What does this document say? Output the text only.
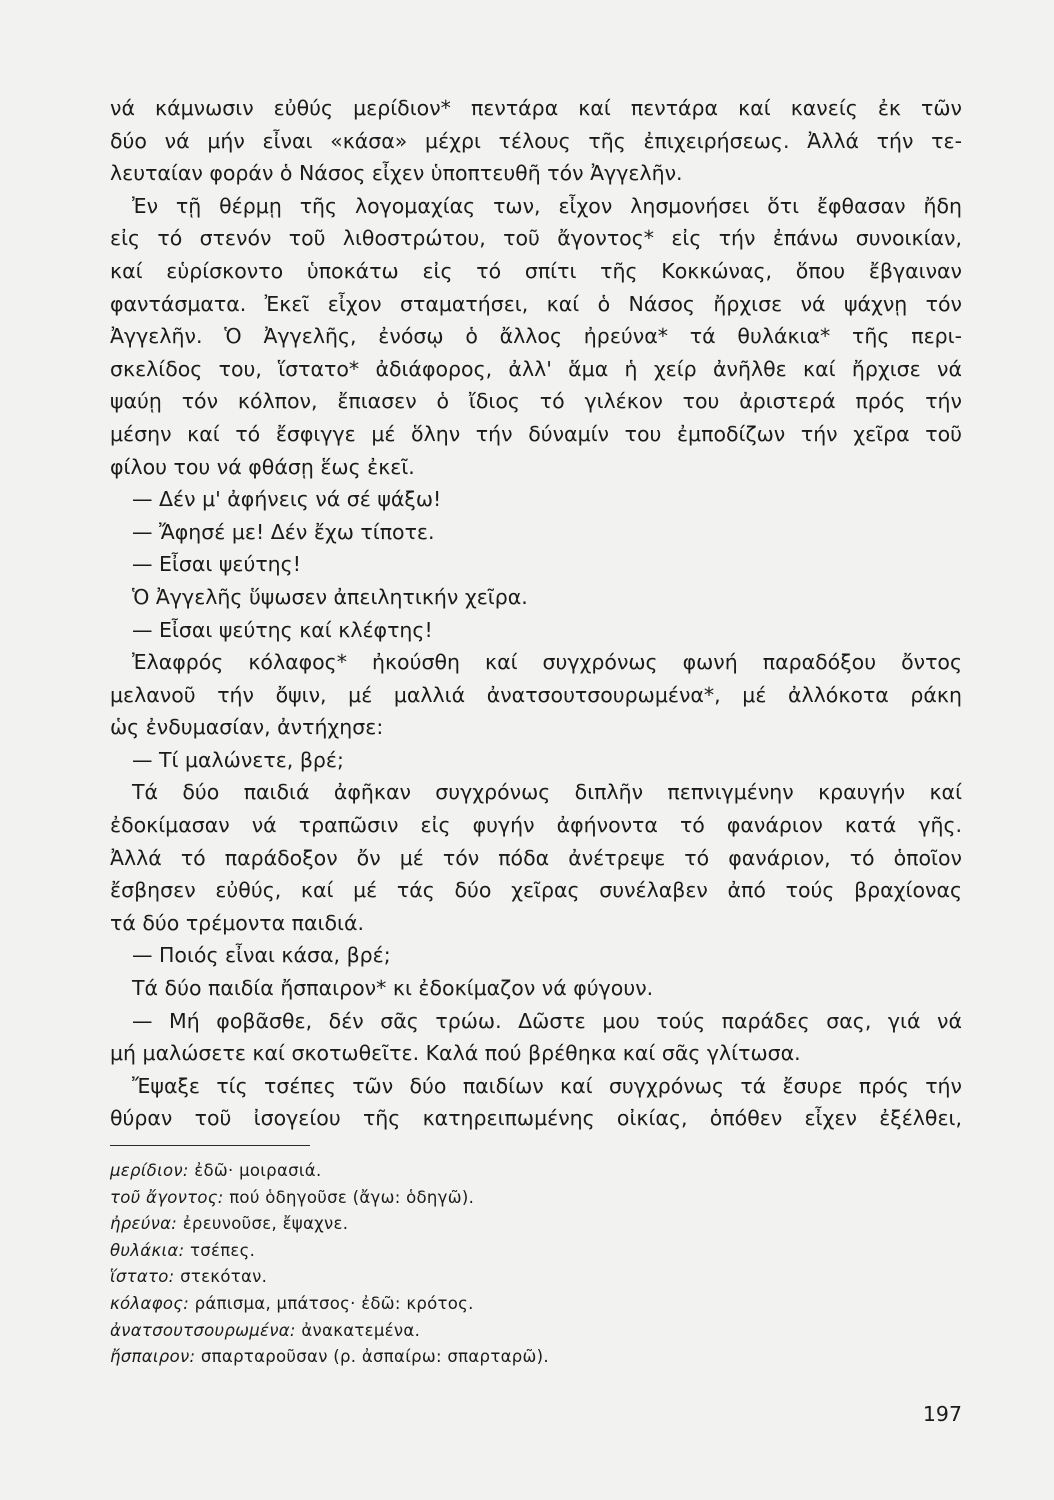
νά κάμνωσιν εὐθύς μερίδιον* πεντάρα καί πεντάρα καί κανείς ἐκ τῶν
δύο νά μήν εἶναι «κάσα» μέχρι τέλους τῆς ἐπιχειρήσεως. Ἀλλά τήν τε-
λευταίαν φοράν ὁ Νάσος εἶχεν ὑποπτευθῆ τόν Ἀγγελῆν.
Ἐν τῇ θέρμῃ τῆς λογομαχίας των, εἶχον λησμονήσει ὅτι ἔφθασαν ἤδη
εἰς τό στενόν τοῦ λιθοστρώτου, τοῦ ἄγοντος* εἰς τήν ἐπάνω συνοικίαν,
καί εὑρίσκοντο ὑποκάτω εἰς τό σπίτι τῆς Κοκκώνας, ὅπου ἔβγαιναν
φαντάσματα. Ἐκεῖ εἶχον σταματήσει, καί ὁ Νάσος ἤρχισε νά ψάχνῃ τόν
Ἀγγελῆν. Ὁ Ἀγγελῆς, ἐνόσῳ ὁ ἄλλος ἠρεύνα* τά θυλάκια* τῆς περι-
σκελίδος του, ἵστατο* ἀδιάφορος, ἀλλ' ἅμα ἡ χείρ ἀνῆλθε καί ἤρχισε νά
ψαύῃ τόν κόλπον, ἔπιασεν ὁ ἴδιος τό γιλέκον του ἀριστερά πρός τήν
μέσην καί τό ἔσφιγγε μέ ὅλην τήν δύναμίν του ἐμποδίζων τήν χεῖρα τοῦ
φίλου του νά φθάσῃ ἕως ἐκεῖ.
— Δέν μ' ἀφήνεις νά σέ ψάξω!
— Ἄφησέ με! Δέν ἔχω τίποτε.
— Εἶσαι ψεύτης!
Ὁ Ἀγγελῆς ὕψωσεν ἀπειλητικήν χεῖρα.
— Εἶσαι ψεύτης καί κλέφτης!
Ἐλαφρός κόλαφος* ἠκούσθη καί συγχρόνως φωνή παραδόξου ὄντος
μελανοῦ τήν ὄψιν, μέ μαλλιά ἀνατσουτσουρωμένα*, μέ ἀλλόκοτα ράκη
ὡς ἐνδυμασίαν, ἀντήχησε:
— Τί μαλώνετε, βρέ;
Τά δύο παιδιά ἀφῆκαν συγχρόνως διπλῆν πεπνιγμένην κραυγήν καί
ἐδοκίμασαν νά τραπῶσιν εἰς φυγήν ἀφήνοντα τό φανάριον κατά γῆς.
Ἀλλά τό παράδοξον ὄν μέ τόν πόδα ἀνέτρεψε τό φανάριον, τό ὁποῖον
ἔσβησεν εὐθύς, καί μέ τάς δύο χεῖρας συνέλαβεν ἀπό τούς βραχίονας
τά δύο τρέμοντα παιδιά.
— Ποιός εἶναι κάσα, βρέ;
Τά δύο παιδία ἤσπαιρον* κι ἐδοκίμαζον νά φύγουν.
— Μή φοβᾶσθε, δέν σᾶς τρώω. Δῶστε μου τούς παράδες σας, γιά νά
μή μαλώσετε καί σκοτωθεῖτε. Καλά πού βρέθηκα καί σᾶς γλίτωσα.
Ἔψαξε τίς τσέπες τῶν δύο παιδίων καί συγχρόνως τά ἔσυρε πρός τήν
θύραν τοῦ ἰσογείου τῆς κατηρειπωμένης οἰκίας, ὁπόθεν εἶχεν ἐξέλθει,
μερίδιον: ἐδῶ· μοιρασιά.
τοῦ ἄγοντος: πού ὁδηγοῦσε (ἄγω: ὁδηγῶ).
ἠρεύνα: ἐρευνοῦσε, ἔψαχνε.
θυλάκια: τσέπες.
ἵστατο: στεκόταν.
κόλαφος: ράπισμα, μπάτσος· ἐδῶ: κρότος.
ἀνατσουτσουρωμένα: ἀνακατεμένα.
ἤσπαιρον: σπαρταροῦσαν (ρ. ἀσπαίρω: σπαρταρῶ).
197
